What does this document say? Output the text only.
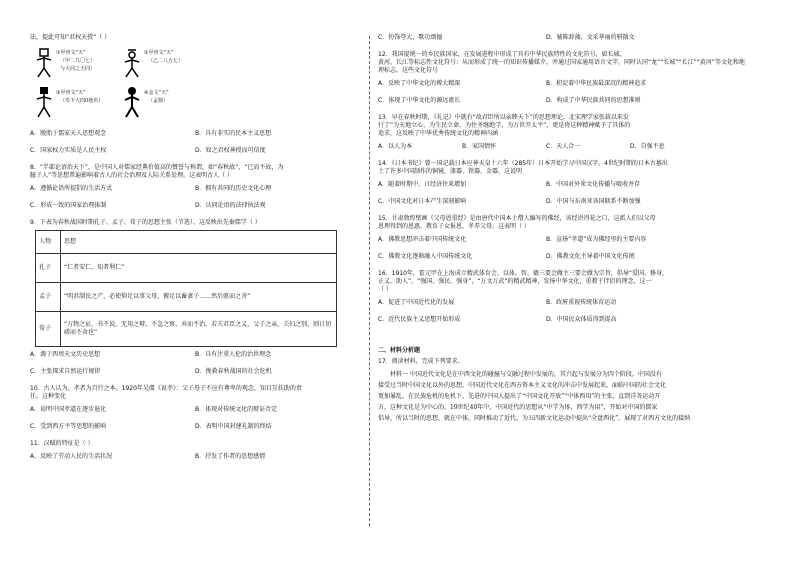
法，提此可知“君权天授”（ ）

①甲骨文“天”
（甲二九〇七）
与大同之天同）
②甲骨文“天”
（乙二八五七）
③甲骨文“天”
（寿下大四0地名）
④金文“天”
（孟鼎）
A．脱胎于儒家天人思想观念	B．具有非实的民本主义思想
C．国家权力实质是人民主权	D．奴之君权神授而可信度

8．“半部论语治天下”，是中国人对儒家经典价值高的赞誉与称谓，如“春秋战”，“已而不故，为

臆子人”等思想普遍影响着古人的社会治理及人际关系处理。这表明古人（ ）

A．遵循论语所提倡的生活方式	B．拥有共同的历史文化心理
C．形成一致的国家治理体制	D．认同论语的法律执法观

9．下表为春秋战国时期孔子、孟子、荀子的思想主张（节选）。这反映出先秦儒学（ ）

人物	思想
孔子	“仁者安仁，知者利仁”
孟子	“明君制民之产，必使仰足以事父母，俯足以畜妻子……然后驱而之善”
荀子	“万物之征，书不说，无用之辩，不急之察，弃而不治。若夫君臣之义，父子之亲，夫妇之别，则日切磋而不舍也”
A．源于西周天文历史思想	B．具有注重人伦的治世理念
C．主张探求自然运行规律	D．挽救春秋战国的社会危机

10．古人认为，孝者为百行之本。1920年吴虞《说孝》：父子母子不应有尊卑的观念，知目互扶助的责

任。这种变化

A．说明中国孝道在逐步退化	B．体现对传统文化的辩证否定
C．受到西方平等思想的影响	D．表明中国封建礼制的终结

11．汉赋的特征是（ ）

A．反映了劳动人民的生活状况	B．抒发了作者的思想感情
C．扮饰夸大，歌功颂德	D．辅陈辞藻，文采华丽的骈散文

12．我国提统一的乡民族国家，在发展进程中形成了具有中华民族特性的文化符号，如长城、

黄河、长江等标志性文化符号：从而形成了统一的知识传播媒介，并通过国家通用语言文字，同时认同“龙”“长城”“长江”“黄河”等文化和地

理标志。这些文化符号

A．反映了中华文化的博大精深	B．积淀着中华民族最深沉的精神追求
C．体现了中华文化的源远流长	D．构成了中华民族共同的思想准则

13．早在春秋时期，《礼记》中就有“故君臣所以亲睦天下”的思想理论，北宋理学家张载以来发

行了“为天地立心，为生民立命，为往圣继绝学，为万世开太平”，更是将这种精神赋予了具体的

追求，这反映了中华优秀传统文化的精神内涵

A．以人为本	B．家国情怀	C．天人合一	D．自强不息

14．《日本书纪》曾一国记载日本应神天皇十六年（285年）日本开始学习中国汉字，4世纪时期的日本古墓出

土了许多中国制作的铜镜、漆器、铁器、金器、这说明

A．随着时期中、日经济往来增加	B．中国对外来文化传播与吸收并存
C．中国文化对日本产生深刻影响	D．中国与东南亚各国联系不断加强

15．甘肃敦煌壁画《父母恩重经》是由唐代中国本土僧人编写的佛经，该经讲得花之口，这派人们以父母

恩理得到的恩惠，教育子女报恩、孝养父母。这表明（ ）

A．佛教思想冲击着中国传统文化	B．宣扬“孝道”成为佛经里的主要内容
C．佛教文化逐渐融入中国传统文化	D．佛教文化主导着中国文化传统

16．1910年，霍元甲在上海成立精武体育会，以体，智、德三要会做主三要会做为宗旨，倡导“爱国、修身，

正义、助人”，“强国、强民、强身”，“万文万武”的精武精神，发扬中华文化，重教于伴侣的理念，这一

（ ）

A．促进了中国近代化的发展	B．政府重视传统体育运动
C．近代民族主义思想开始形成	D．中国民众体质得到提高

二、材料分析题

17．阅读材料，完成下列要求。

材料一 中国近代文化是在中西文化的碰撞与交融过程中发展的，其兴起与发展分为四个阶段。中国没有

接受过当时中国文化以外的思想，中国近代文化在西方资本主义文化的冲击中发展起来，面临中国的社会文化

更加暴乱。在民族危机的危机下，先进的中国人提出了“中国文化开放”“中体西用”的主张，直到洋务运动开

方，这种文化是为中心的。19世纪40年中，中国近代的思想从“中学为体，西学为用”，开始对中国的儒家

倡导，所以当时的思想，就在中体，同时推动了近代，为五四新文化运动中提出“全盘西化”，展现了对西方文化的接纳
